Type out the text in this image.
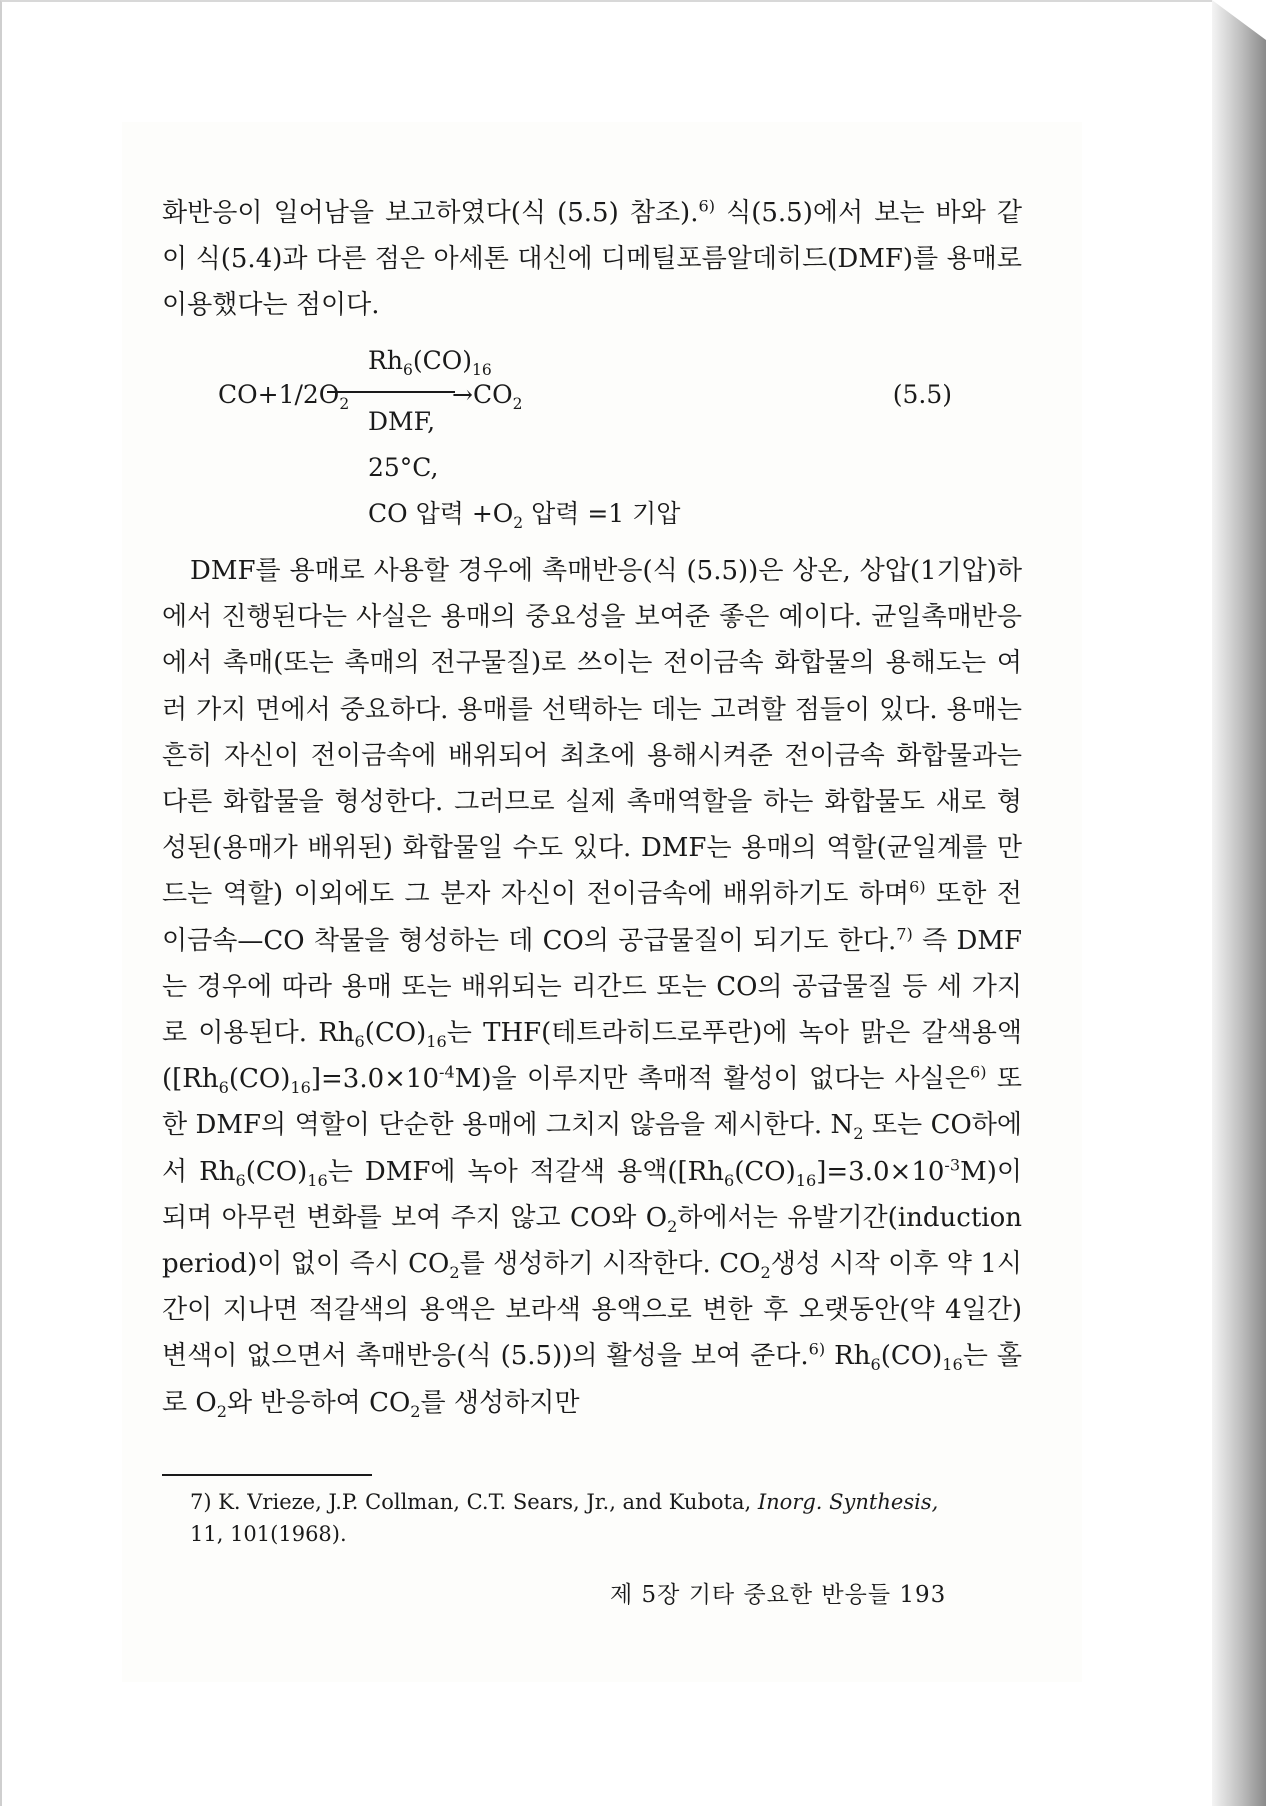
화반응이 일어남을 보고하였다(식 (5.5) 참조).$^{6)}$ 식(5.5)에서 보는 바와 같이 식(5.4)과 다른 점은 아세톤 대신에 디메틸포름알데히드(DMF)를 용매로 이용했다는 점이다.

$CO+1/2O_2$
$Rh_6(CO)_{16}$
$\to CO_2$
DMF,
25°C,
CO 압력 $+O_2$ 압력 =1 기압
(5.5)

DMF를 용매로 사용할 경우에 촉매반응(식 (5.5))은 상온, 상압(1기압)하에서 진행된다는 사실은 용매의 중요성을 보여준 좋은 예이다. 균일촉매반응에서 촉매(또는 촉매의 전구물질)로 쓰이는 전이금속 화합물의 용해도는 여러 가지 면에서 중요하다. 용매를 선택하는 데는 고려할 점들이 있다. 용매는 흔히 자신이 전이금속에 배위되어 최초에 용해시켜준 전이금속 화합물과는 다른 화합물을 형성한다. 그러므로 실제 촉매역할을 하는 화합물도 새로 형성된(용매가 배위된) 화합물일 수도 있다. DMF는 용매의 역할(균일계를 만드는 역할) 이외에도 그 분자 자신이 전이금속에 배위하기도 하며$^{6)}$ 또한 전이금속—CO 착물을 형성하는 데 CO의 공급물질이 되기도 한다.$^{7)}$ 즉 DMF는 경우에 따라 용매 또는 배위되는 리간드 또는 CO의 공급물질 등 세 가지로 이용된다. $Rh_6(CO)_{16}$는 THF(테트라히드로푸란)에 녹아 맑은 갈색용액$([Rh_6(CO)_{16}]=3.0\times 10^{-4}M)$을 이루지만 촉매적 활성이 없다는 사실은$^{6)}$ 또한 DMF의 역할이 단순한 용매에 그치지 않음을 제시한다. $N_2$ 또는 CO하에서 $Rh_6(CO)_{16}$는 DMF에 녹아 적갈색 용액$([Rh_6(CO)_{16}]=3.0\times 10^{-3}M)$이 되며 아무런 변화를 보여 주지 않고 CO와 $O_2$하에서는 유발기간(induction period)이 없이 즉시 $CO_2$를 생성하기 시작한다. $CO_2$생성 시작 이후 약 1시간이 지나면 적갈색의 용액은 보라색 용액으로 변한 후 오랫동안(약 4일간) 변색이 없으면서 촉매반응(식 (5.5))의 활성을 보여 준다.$^{6)}$ $Rh_6(CO)_{16}$는 홀로 $O_2$와 반응하여 $CO_2$를 생성하지만

7) K. Vrieze, J.P. Collman, C.T. Sears, Jr., and Kubota, Inorg. Synthesis,
11, 101(1968).
제 5장 기타 중요한 반응들 193
